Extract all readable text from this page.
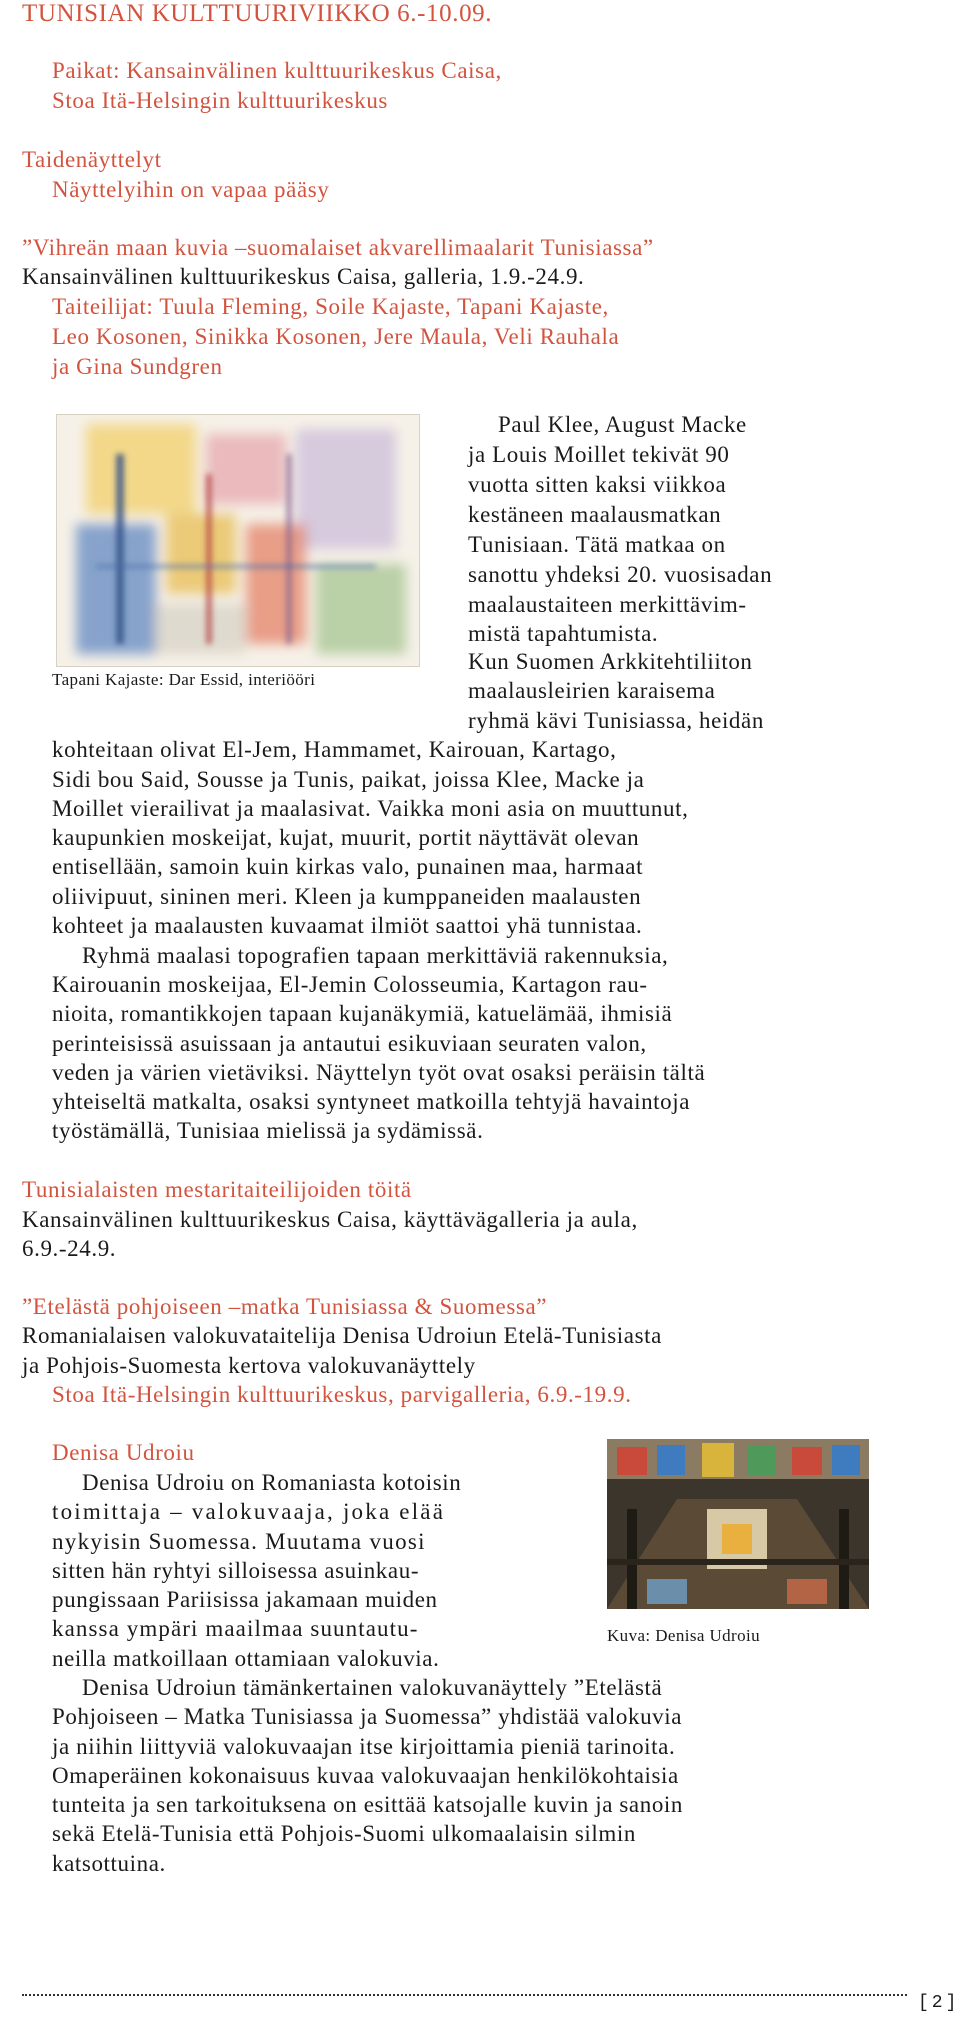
TUNISIAN KULTTUURIVIIKKO 6.-10.09.
Paikat: Kansainvälinen kulttuurikeskus Caisa,
Stoa Itä-Helsingin kulttuurikeskus
Taidenäyttelyt
Näyttelyihin on vapaa pääsy
”Vihreän maan kuvia –suomalaiset akvarellimaalarit Tunisiassa”
Kansainvälinen kulttuurikeskus Caisa, galleria, 1.9.-24.9.
Taiteilijat: Tuula Fleming, Soile Kajaste, Tapani Kajaste,
Leo Kosonen, Sinikka Kosonen, Jere Maula, Veli Rauhala
ja Gina Sundgren
Tapani Kajaste: Dar Essid, interiööri
Paul Klee, August Macke
ja Louis Moillet tekivät 90
vuotta sitten kaksi viikkoa
kestäneen maalausmatkan
Tunisiaan. Tätä matkaa on
sanottu yhdeksi 20. vuosisadan
maalaustaiteen merkittävim-
mistä tapahtumista.
Kun Suomen Arkkitehtiliiton
maalausleirien karaisema
ryhmä kävi Tunisiassa, heidän
kohteitaan olivat El-Jem, Hammamet, Kairouan, Kartago,
Sidi bou Said, Sousse ja Tunis, paikat, joissa Klee, Macke ja
Moillet vierailivat ja maalasivat. Vaikka moni asia on muuttunut,
kaupunkien moskeijat, kujat, muurit, portit näyttävät olevan
entisellään, samoin kuin kirkas valo, punainen maa, harmaat
oliivipuut, sininen meri. Kleen ja kumppaneiden maalausten
kohteet ja maalausten kuvaamat ilmiöt saattoi yhä tunnistaa.
Ryhmä maalasi topografien tapaan merkittäviä rakennuksia,
Kairouanin moskeijaa, El-Jemin Colosseumia, Kartagon rau-
nioita, romantikkojen tapaan kujanäkymiä, katuelämää, ihmisiä
perinteisissä asuissaan ja antautui esikuviaan seuraten valon,
veden ja värien vietäviksi. Näyttelyn työt ovat osaksi peräisin tältä
yhteiseltä matkalta, osaksi syntyneet matkoilla tehtyjä havaintoja
työstämällä, Tunisiaa mielissä ja sydämissä.
Tunisialaisten mestaritaiteilijoiden töitä
Kansainvälinen kulttuurikeskus Caisa, käyttävägalleria ja aula,
6.9.-24.9.
”Etelästä pohjoiseen –matka Tunisiassa & Suomessa”
Romanialaisen valokuvataitelija Denisa Udroiun Etelä-Tunisiasta
ja Pohjois-Suomesta kertova valokuvanäyttely
Stoa Itä-Helsingin kulttuurikeskus, parvigalleria, 6.9.-19.9.
Denisa Udroiu
Kuva: Denisa Udroiu
Denisa Udroiu on Romaniasta kotoisin
toimittaja – valokuvaaja, joka elää
nykyisin Suomessa. Muutama vuosi
sitten hän ryhtyi silloisessa asuinkau-
pungissaan Pariisissa jakamaan muiden
kanssa ympäri maailmaa suuntautu-
neilla matkoillaan ottamiaan valokuvia.
Denisa Udroiun tämänkertainen valokuvanäyttely ”Etelästä
Pohjoiseen – Matka Tunisiassa ja Suomessa” yhdistää valokuvia
ja niihin liittyviä valokuvaajan itse kirjoittamia pieniä tarinoita.
Omaperäinen kokonaisuus kuvaa valokuvaajan henkilökohtaisia
tunteita ja sen tarkoituksena on esittää katsojalle kuvin ja sanoin
sekä Etelä-Tunisia että Pohjois-Suomi ulkomaalaisin silmin
katsottuina.
[2]
